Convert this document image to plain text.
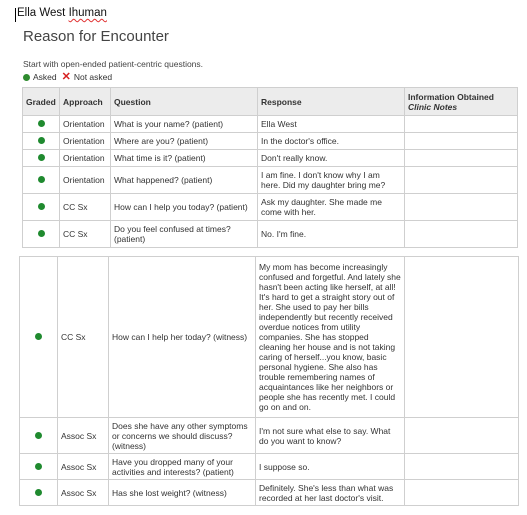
Ella West Ihuman
Reason for Encounter
Start with open-ended patient-centric questions.
Asked ✕ Not asked
Graded	Approach	Question	Response	Information Obtained
Clinic Notes
	Orientation	What is your name? (patient)	Ella West	
	Orientation	Where are you? (patient)	In the doctor's office.	
	Orientation	What time is it? (patient)	Don't really know.	
	Orientation	What happened? (patient)	I am fine. I don't know why I am here. Did my daughter bring me?	
	CC Sx	How can I help you today? (patient)	Ask my daughter. She made me come with her.	
	CC Sx	Do you feel confused at times? (patient)	No. I'm fine.	
	CC Sx	How can I help her today? (witness)	My mom has become increasingly confused and forgetful. And lately she hasn't been acting like herself, at all! It's hard to get a straight story out of her. She used to pay her bills independently but recently received overdue notices from utility companies. She has stopped cleaning her house and is not taking caring of herself...you know, basic personal hygiene. She also has trouble remembering names of acquaintances like her neighbors or people she has recently met. I could go on and on.	
	Assoc Sx	Does she have any other symptoms or concerns we should discuss? (witness)	I'm not sure what else to say. What do you want to know?	
	Assoc Sx	Have you dropped many of your activities and interests? (patient)	I suppose so.	
	Assoc Sx	Has she lost weight? (witness)	Definitely. She's less than what was recorded at her last doctor's visit.	
